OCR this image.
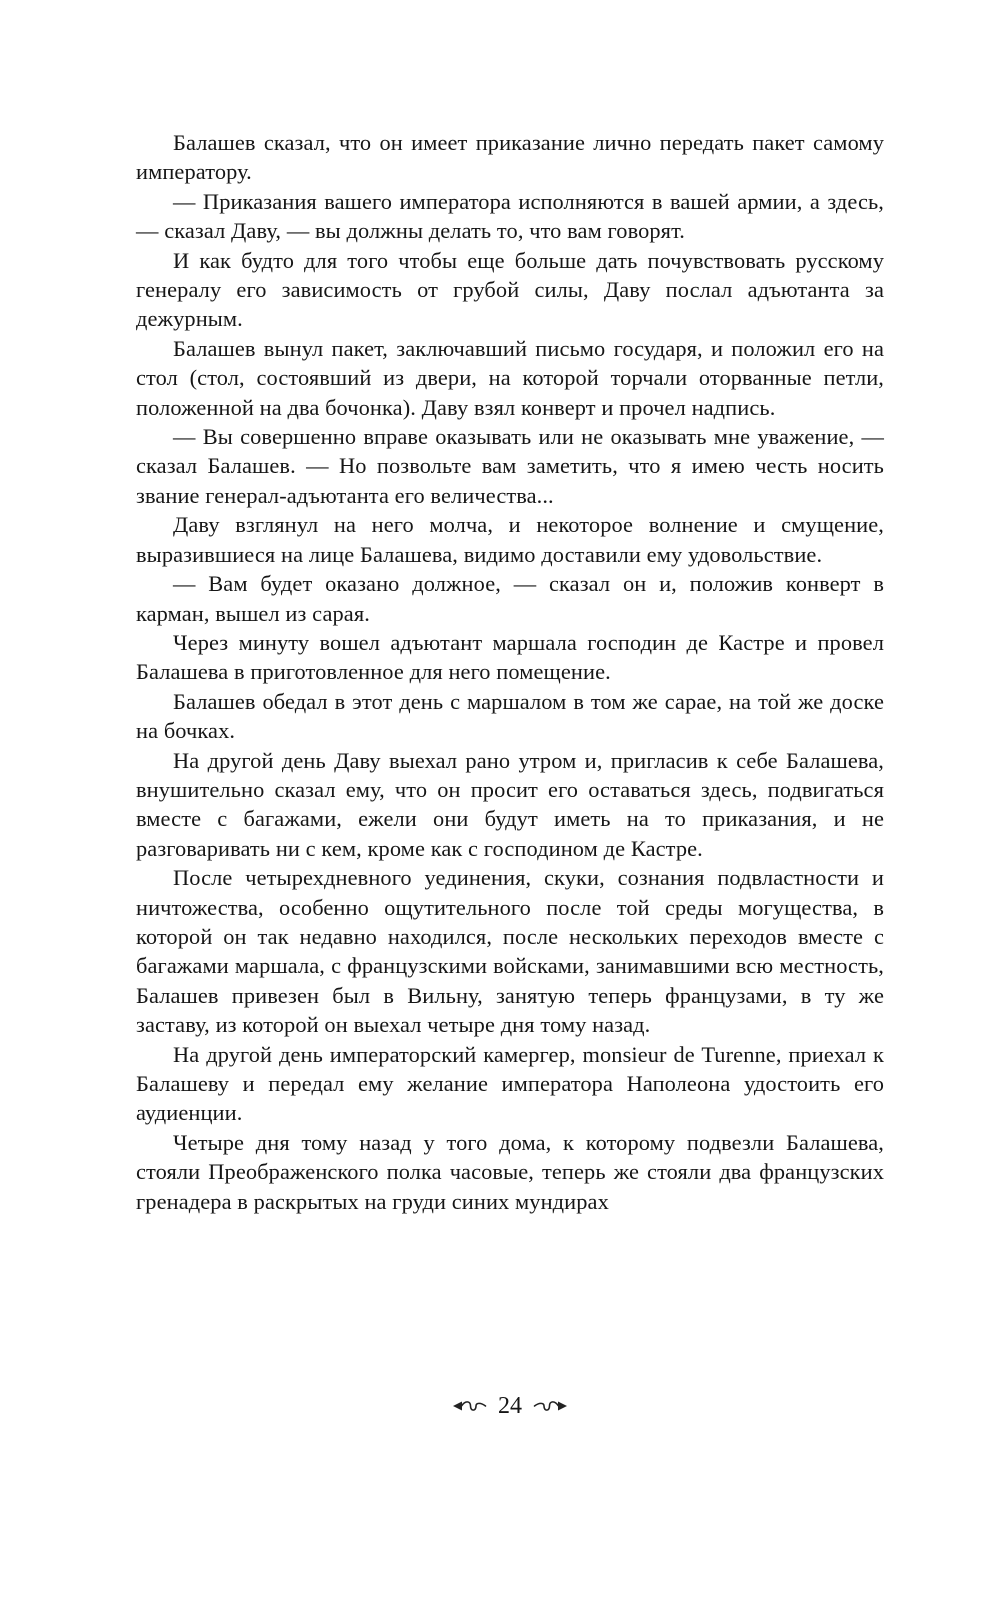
Балашев сказал, что он имеет приказание лично передать пакет самому императору.

— Приказания вашего императора исполняются в вашей армии, а здесь, — сказал Даву, — вы должны делать то, что вам говорят.

И как будто для того чтобы еще больше дать почувствовать русскому генералу его зависимость от грубой силы, Даву послал адъютанта за дежурным.

Балашев вынул пакет, заключавший письмо государя, и положил его на стол (стол, состоявший из двери, на которой торчали оторванные петли, положенной на два бочонка). Даву взял конверт и прочел надпись.

— Вы совершенно вправе оказывать или не оказывать мне уважение, — сказал Балашев. — Но позвольте вам заметить, что я имею честь носить звание генерал-адъютанта его величества...

Даву взглянул на него молча, и некоторое волнение и смущение, выразившиеся на лице Балашева, видимо доставили ему удовольствие.

— Вам будет оказано должное, — сказал он и, положив конверт в карман, вышел из сарая.

Через минуту вошел адъютант маршала господин де Кастре и провел Балашева в приготовленное для него помещение.

Балашев обедал в этот день с маршалом в том же сарае, на той же доске на бочках.

На другой день Даву выехал рано утром и, пригласив к себе Балашева, внушительно сказал ему, что он просит его оставаться здесь, подвигаться вместе с багажами, ежели они будут иметь на то приказания, и не разговаривать ни с кем, кроме как с господином де Кастре.

После четырехдневного уединения, скуки, сознания подвластности и ничтожества, особенно ощутительного после той среды могущества, в которой он так недавно находился, после нескольких переходов вместе с багажами маршала, с французскими войсками, занимавшими всю местность, Балашев привезен был в Вильну, занятую теперь французами, в ту же заставу, из которой он выехал четыре дня тому назад.

На другой день императорский камергер, monsieur de Turenne, приехал к Балашеву и передал ему желание императора Наполеона удостоить его аудиенции.

Четыре дня тому назад у того дома, к которому подвезли Балашева, стояли Преображенского полка часовые, теперь же стояли два французских гренадера в раскрытых на груди синих мундирах

24
